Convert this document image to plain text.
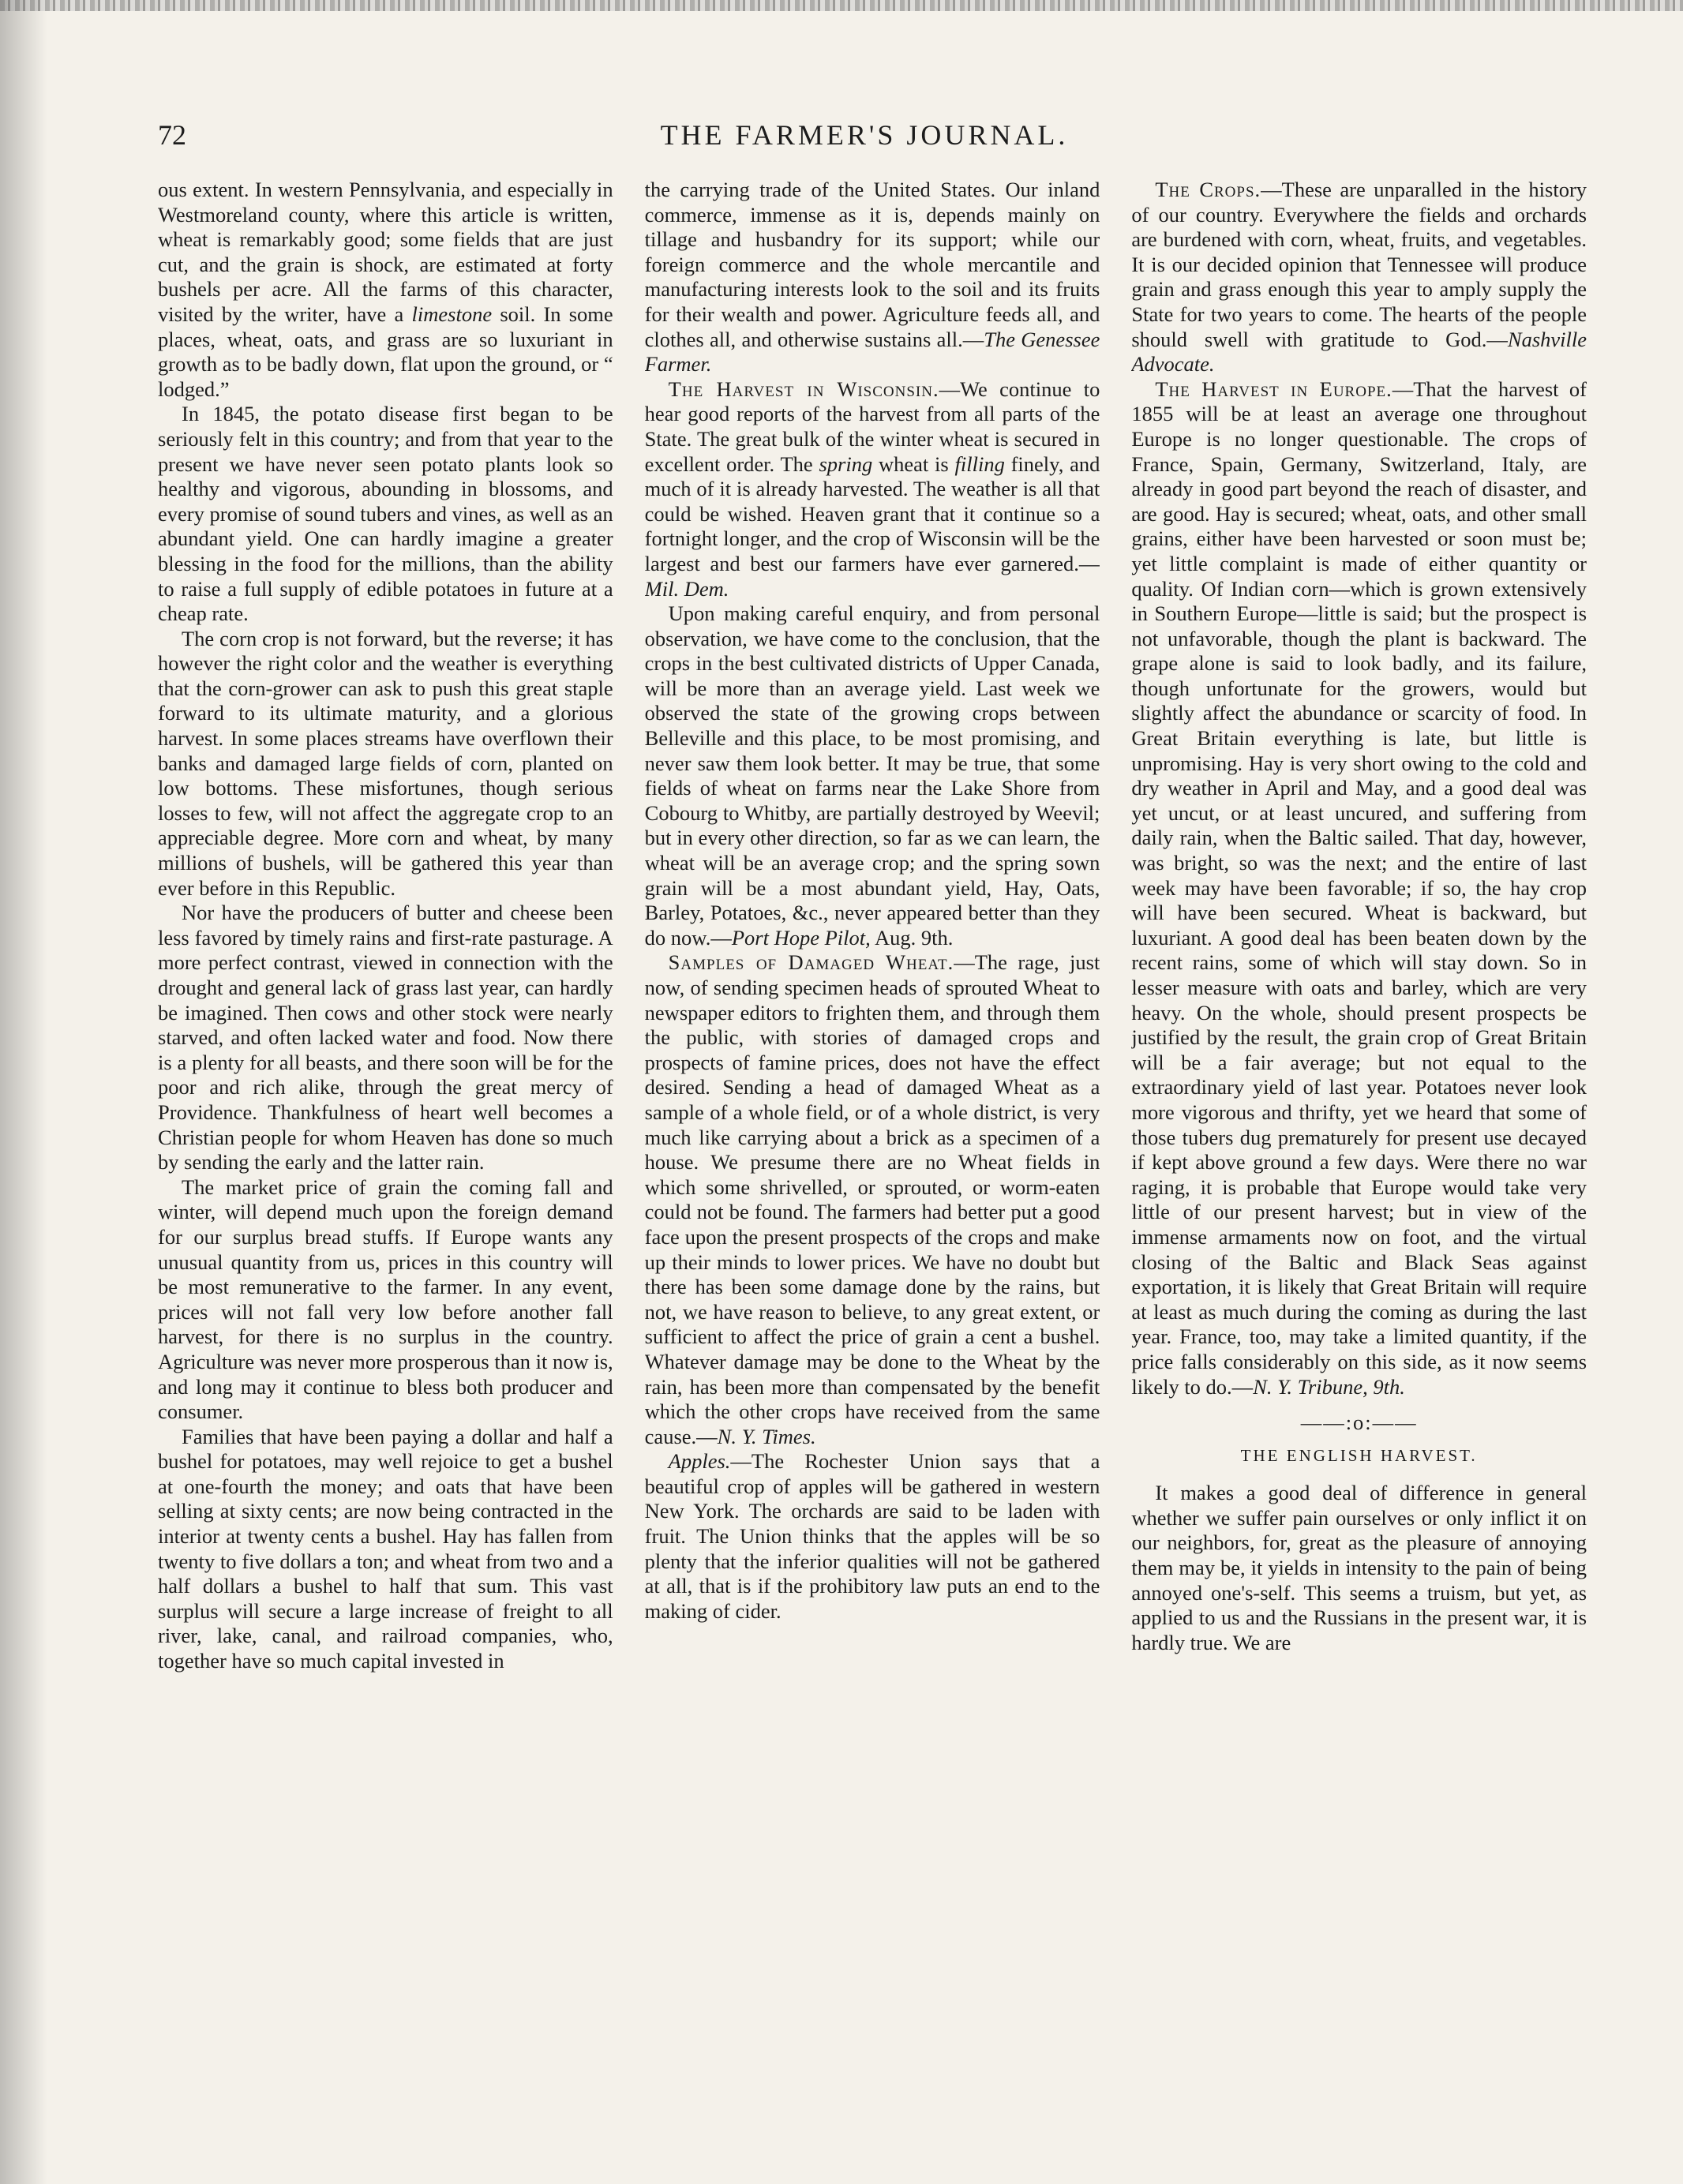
72	THE FARMER'S JOURNAL.

ous extent. In western Pennsylvania, and especially in Westmoreland county, where this article is written, wheat is remarkably good; some fields that are just cut, and the grain is shock, are estimated at forty bushels per acre. All the farms of this character, visited by the writer, have a limestone soil. In some places, wheat, oats, and grass are so luxuriant in growth as to be badly down, flat upon the ground, or “ lodged.”

In 1845, the potato disease first began to be seriously felt in this country; and from that year to the present we have never seen potato plants look so healthy and vigorous, abounding in blossoms, and every promise of sound tubers and vines, as well as an abundant yield. One can hardly imagine a greater blessing in the food for the millions, than the ability to raise a full supply of edible potatoes in future at a cheap rate.

The corn crop is not forward, but the reverse; it has however the right color and the weather is everything that the corn-grower can ask to push this great staple forward to its ultimate maturity, and a glorious harvest. In some places streams have overflown their banks and damaged large fields of corn, planted on low bottoms. These misfortunes, though serious losses to few, will not affect the aggregate crop to an appreciable degree. More corn and wheat, by many millions of bushels, will be gathered this year than ever before in this Republic.

Nor have the producers of butter and cheese been less favored by timely rains and first-rate pasturage. A more perfect contrast, viewed in connection with the drought and general lack of grass last year, can hardly be imagined. Then cows and other stock were nearly starved, and often lacked water and food. Now there is a plenty for all beasts, and there soon will be for the poor and rich alike, through the great mercy of Providence. Thankfulness of heart well becomes a Christian people for whom Heaven has done so much by sending the early and the latter rain.

The market price of grain the coming fall and winter, will depend much upon the foreign demand for our surplus bread stuffs. If Europe wants any unusual quantity from us, prices in this country will be most remunerative to the farmer. In any event, prices will not fall very low before another fall harvest, for there is no surplus in the country. Agriculture was never more prosperous than it now is, and long may it continue to bless both producer and consumer.

Families that have been paying a dollar and half a bushel for potatoes, may well rejoice to get a bushel at one-fourth the money; and oats that have been selling at sixty cents; are now being contracted in the interior at twenty cents a bushel. Hay has fallen from twenty to five dollars a ton; and wheat from two and a half dollars a bushel to half that sum. This vast surplus will secure a large increase of freight to all river, lake, canal, and railroad companies, who, together have so much capital invested in

the carrying trade of the United States. Our inland commerce, immense as it is, depends mainly on tillage and husbandry for its support; while our foreign commerce and the whole mercantile and manufacturing interests look to the soil and its fruits for their wealth and power. Agriculture feeds all, and clothes all, and otherwise sustains all.—The Genessee Farmer.

The Harvest in Wisconsin.—We continue to hear good reports of the harvest from all parts of the State. The great bulk of the winter wheat is secured in excellent order. The spring wheat is filling finely, and much of it is already harvested. The weather is all that could be wished. Heaven grant that it continue so a fortnight longer, and the crop of Wisconsin will be the largest and best our farmers have ever garnered.—Mil. Dem.

Upon making careful enquiry, and from personal observation, we have come to the conclusion, that the crops in the best cultivated districts of Upper Canada, will be more than an average yield. Last week we observed the state of the growing crops between Belleville and this place, to be most promising, and never saw them look better. It may be true, that some fields of wheat on farms near the Lake Shore from Cobourg to Whitby, are partially destroyed by Weevil; but in every other direction, so far as we can learn, the wheat will be an average crop; and the spring sown grain will be a most abundant yield, Hay, Oats, Barley, Potatoes, &c., never appeared better than they do now.—Port Hope Pilot, Aug. 9th.

Samples of Damaged Wheat.—The rage, just now, of sending specimen heads of sprouted Wheat to newspaper editors to frighten them, and through them the public, with stories of damaged crops and prospects of famine prices, does not have the effect desired. Sending a head of damaged Wheat as a sample of a whole field, or of a whole district, is very much like carrying about a brick as a specimen of a house. We presume there are no Wheat fields in which some shrivelled, or sprouted, or worm-eaten could not be found. The farmers had better put a good face upon the present prospects of the crops and make up their minds to lower prices. We have no doubt but there has been some damage done by the rains, but not, we have reason to believe, to any great extent, or sufficient to affect the price of grain a cent a bushel. Whatever damage may be done to the Wheat by the rain, has been more than compensated by the benefit which the other crops have received from the same cause.—N. Y. Times.

Apples.—The Rochester Union says that a beautiful crop of apples will be gathered in western New York. The orchards are said to be laden with fruit. The Union thinks that the apples will be so plenty that the inferior qualities will not be gathered at all, that is if the prohibitory law puts an end to the making of cider.

The Crops.—These are unparalled in the history of our country. Everywhere the fields and orchards are burdened with corn, wheat, fruits, and vegetables. It is our decided opinion that Tennessee will produce grain and grass enough this year to amply supply the State for two years to come. The hearts of the people should swell with gratitude to God.—Nashville Advocate.

The Harvest in Europe.—That the harvest of 1855 will be at least an average one throughout Europe is no longer questionable. The crops of France, Spain, Germany, Switzerland, Italy, are already in good part beyond the reach of disaster, and are good. Hay is secured; wheat, oats, and other small grains, either have been harvested or soon must be; yet little complaint is made of either quantity or quality. Of Indian corn—which is grown extensively in Southern Europe—little is said; but the prospect is not unfavorable, though the plant is backward. The grape alone is said to look badly, and its failure, though unfortunate for the growers, would but slightly affect the abundance or scarcity of food. In Great Britain everything is late, but little is unpromising. Hay is very short owing to the cold and dry weather in April and May, and a good deal was yet uncut, or at least uncured, and suffering from daily rain, when the Baltic sailed. That day, however, was bright, so was the next; and the entire of last week may have been favorable; if so, the hay crop will have been secured. Wheat is backward, but luxuriant. A good deal has been beaten down by the recent rains, some of which will stay down. So in lesser measure with oats and barley, which are very heavy. On the whole, should present prospects be justified by the result, the grain crop of Great Britain will be a fair average; but not equal to the extraordinary yield of last year. Potatoes never look more vigorous and thrifty, yet we heard that some of those tubers dug prematurely for present use decayed if kept above ground a few days. Were there no war raging, it is probable that Europe would take very little of our present harvest; but in view of the immense armaments now on foot, and the virtual closing of the Baltic and Black Seas against exportation, it is likely that Great Britain will require at least as much during the coming as during the last year. France, too, may take a limited quantity, if the price falls considerably on this side, as it now seems likely to do.—N. Y. Tribune, 9th.

——:o:——
THE ENGLISH HARVEST.

It makes a good deal of difference in general whether we suffer pain ourselves or only inflict it on our neighbors, for, great as the pleasure of annoying them may be, it yields in intensity to the pain of being annoyed one's-self. This seems a truism, but yet, as applied to us and the Russians in the present war, it is hardly true. We are
